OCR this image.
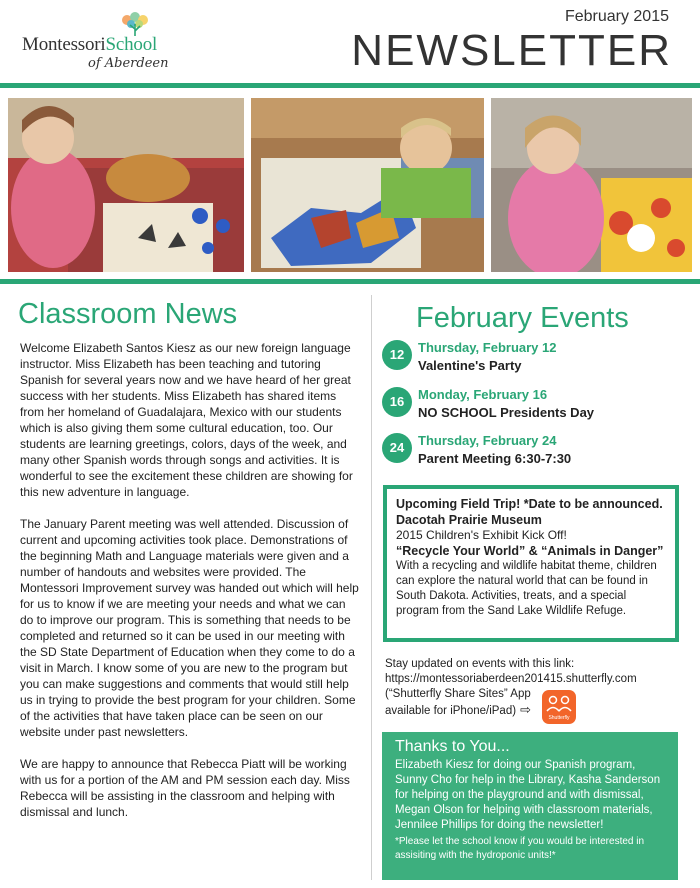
MontessoriSchool
of Aberdeen
February 2015
NEWSLETTER
Classroom News

Welcome Elizabeth Santos Kiesz as our new foreign language instructor. Miss Elizabeth has been teaching and tutoring Spanish for several years now and we have heard of her great success with her students. Miss Elizabeth has shared items from her homeland of Guadalajara, Mexico with our students which is also giving them some cultural education, too. Our students are learning greetings, colors, days of the week, and many other Spanish words through songs and activities. It is wonderful to see the excitement these children are showing for this new adventure in language.

The January Parent meeting was well attended. Discussion of current and upcoming activities took place. Demonstrations of the beginning Math and Language materials were given and a number of handouts and websites were provided. The Montessori Improvement survey was handed out which will help for us to know if we are meeting your needs and what we can do to improve our program. This is something that needs to be completed and returned so it can be used in our meeting with the SD State Department of Education when they come to do a visit in March. I know some of you are new to the program but you can make suggestions and comments that would still help us in trying to provide the best program for your children. Some of the activities that have taken place can be seen on our website under past newsletters.

We are happy to announce that Rebecca Piatt will be working with us for a portion of the AM and PM session each day. Miss Rebecca will be assisting in the classroom and helping with dismissal and lunch.

February Events
12	Thursday, February 12
Valentine's Party
16	Monday, February 16
NO SCHOOL Presidents Day
24	Thursday, February 24
Parent Meeting 6:30-7:30
Upcoming Field Trip! *Date to be announced.
Dacotah Prairie Museum
2015 Children's Exhibit Kick Off!
“Recycle Your World” & “Animals in Danger”
With a recycling and wildlife habitat theme, children can explore the natural world that can be found in South Dakota. Activities, treats, and a special program from the Sand Lake Wildlife Refuge.
Stay updated on events with this link:
https://montessoriaberdeen201415.shutterfly.com
(“Shutterfly Share Sites” App
available for iPhone/iPad) ⇨
Shutterfly
Thanks to You...
Elizabeth Kiesz for doing our Spanish program, Sunny Cho for help in the Library, Kasha Sanderson for helping on the playground and with dismissal, Megan Olson for helping with classroom materials, Jennilee Phillips for doing the newsletter!
*Please let the school know if you would be interested in assisiting with the hydroponic units!*
